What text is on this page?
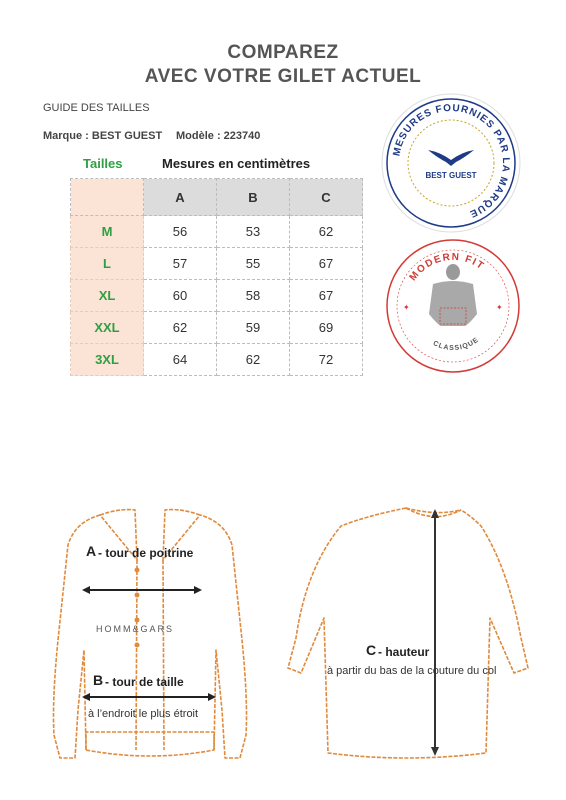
COMPAREZ
AVEC VOTRE GILET ACTUEL
GUIDE DES TAILLES
Marque : BEST GUEST Modèle : 223740
Tailles	Mesures en centimètres
	A	B	C
M	56	53	62
L	57	55	67
XL	60	58	67
XXL	62	59	69
3XL	64	62	72
MESURES FOURNIES PAR LA MARQUE
BEST GUEST
MODERN FIT
CLASSIQUE
✦	✦
A - tour de poitrine
HOMM&GARS
B - tour de taille
à l’endroit le plus étroit
C - hauteur
à partir du bas de la couture du col
